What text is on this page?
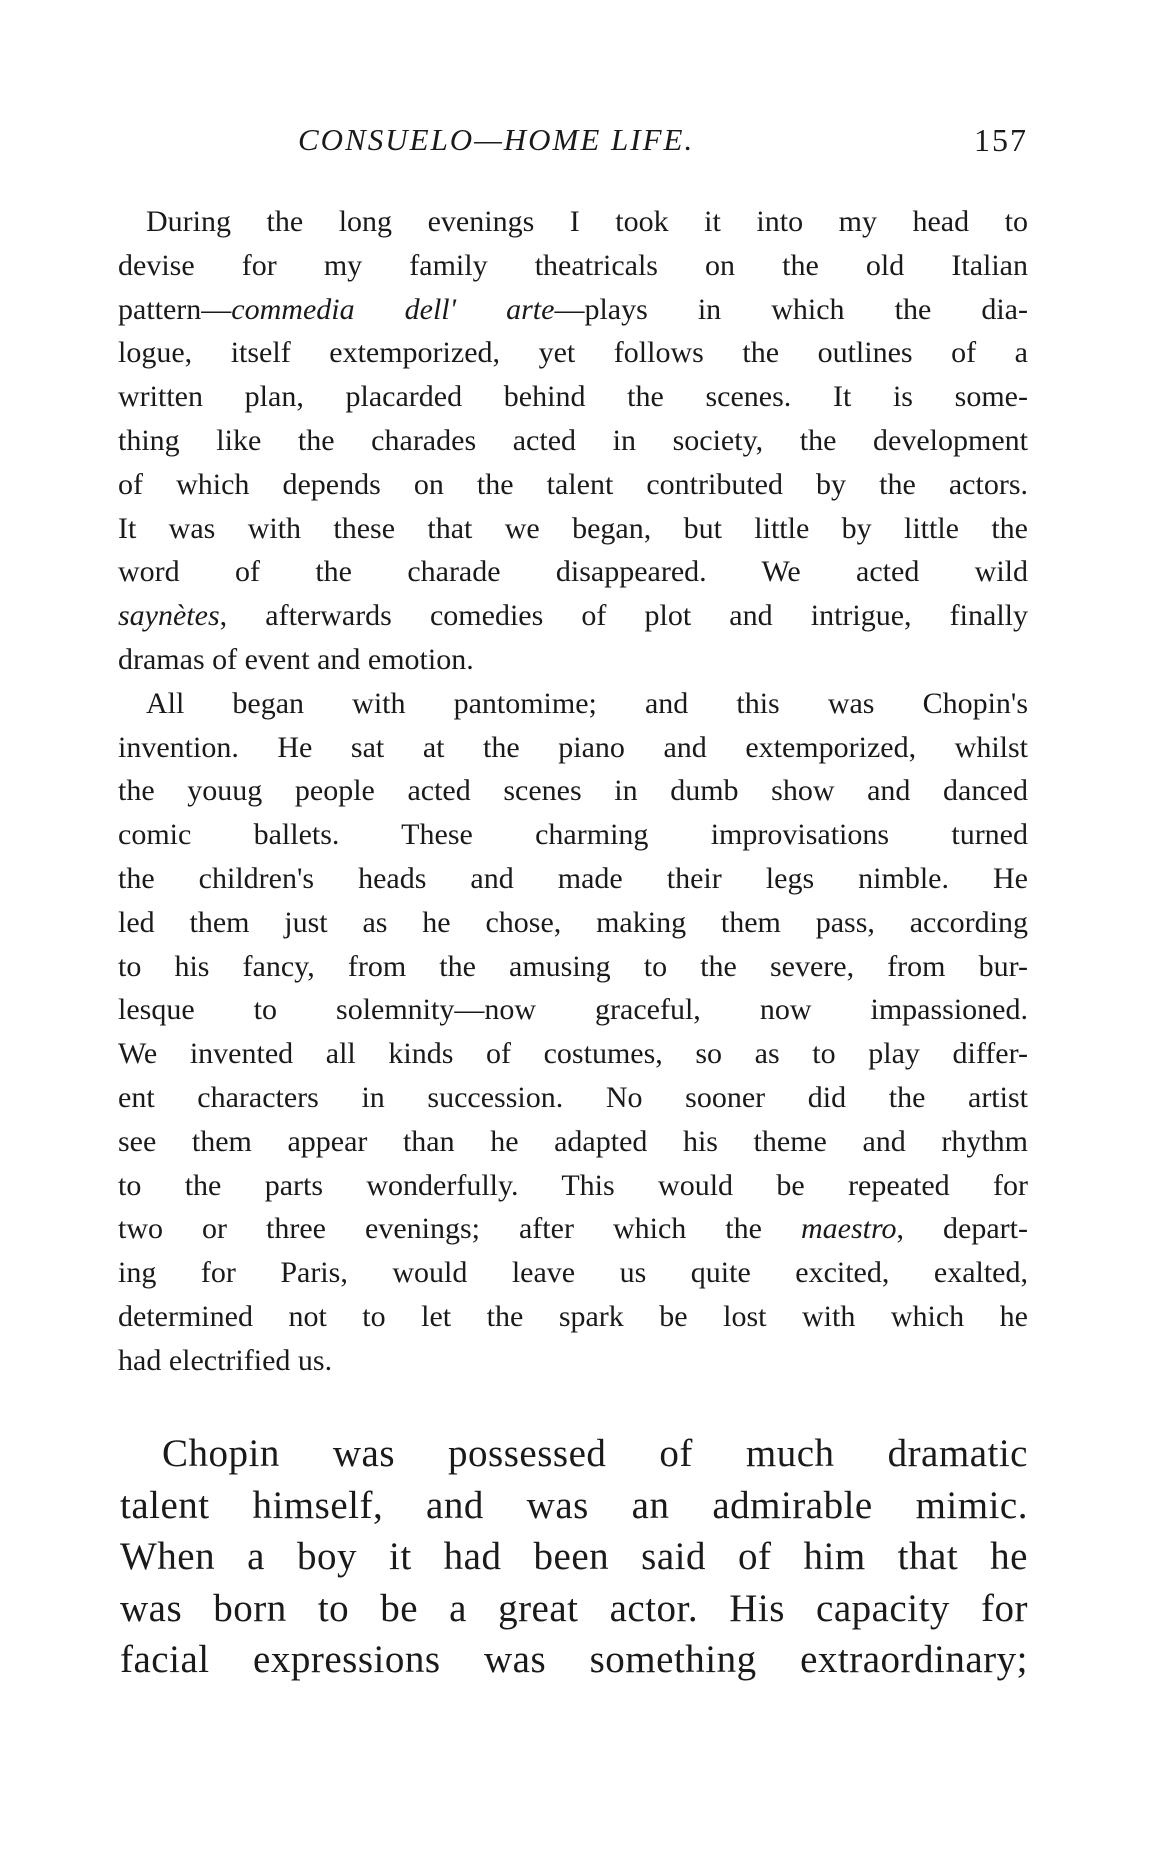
CONSUELO—HOME LIFE.	157
During the long evenings I took it into my head to
devise for my family theatricals on the old Italian
pattern—commedia dell' arte—plays in which the dia-
logue, itself extemporized, yet follows the outlines of a
written plan, placarded behind the scenes. It is some-
thing like the charades acted in society, the development
of which depends on the talent contributed by the actors.
It was with these that we began, but little by little the
word of the charade disappeared. We acted wild
saynètes, afterwards comedies of plot and intrigue, finally
dramas of event and emotion.
All began with pantomime; and this was Chopin's
invention. He sat at the piano and extemporized, whilst
the youug people acted scenes in dumb show and danced
comic ballets. These charming improvisations turned
the children's heads and made their legs nimble. He
led them just as he chose, making them pass, according
to his fancy, from the amusing to the severe, from bur-
lesque to solemnity—now graceful, now impassioned.
We invented all kinds of costumes, so as to play differ-
ent characters in succession. No sooner did the artist
see them appear than he adapted his theme and rhythm
to the parts wonderfully. This would be repeated for
two or three evenings; after which the maestro, depart-
ing for Paris, would leave us quite excited, exalted,
determined not to let the spark be lost with which he
had electrified us.
Chopin was possessed of much dramatic
talent himself, and was an admirable mimic.
When a boy it had been said of him that he
was born to be a great actor. His capacity for
facial expressions was something extraordinary;
